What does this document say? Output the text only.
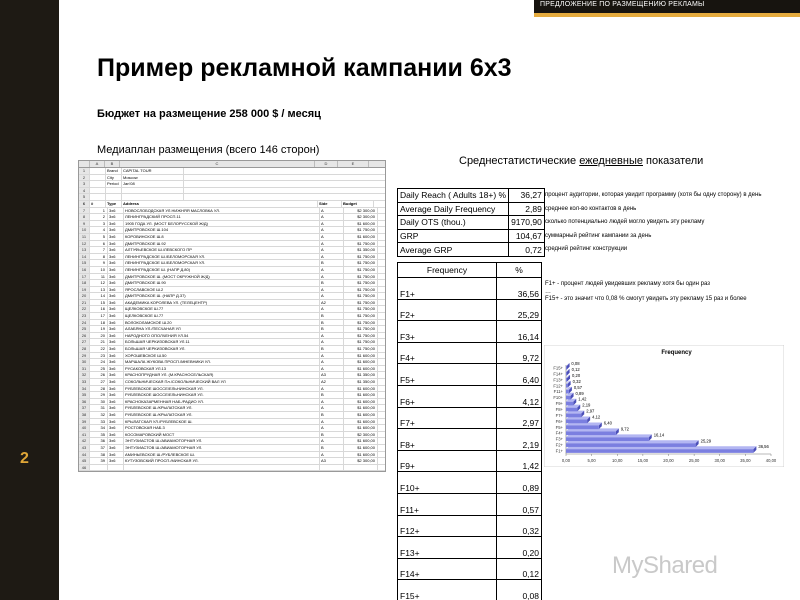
2
ПРЕДЛОЖЕНИЕ ПО РАЗМЕЩЕНИЮ РЕКЛАМЫ
Пример рекламной кампании 6х3
Бюджет на размещение 258 000 $ / месяц
Медиаплан размещения (всего 146 сторон)
Среднестатистические ежедневные показатели
A	B	C	D	E
1	Brand	CAPITAL TOUR
2	City	Moscow
3	Period	Jan'08
4
5
6	#	Type	Address	Side	Budget
7	1	3x6	НОВОСЛОБОДСКАЯ УЛ.НИЖНЯЯ МАСЛОВКА УЛ.	A	$2 300,00
8	2	3x6	ЛЕНИНГРАДСКИЙ ПРОСП.11	A	$2 300,00
9	3	3x6	1905 ГОДА УЛ. (МОСТ БЕЛОРУССКОЙ Ж/Д)	A	$1 600,00
10	4	3x6	ДМИТРОВСКОЕ Ш.104	A	$1 750,00
11	5	3x6	КОРОВИНСКОЕ Ш.8	A	$1 600,00
12	6	3x6	ДМИТРОВСКОЕ Ш.92	A	$1 750,00
13	7	3x6	АЛТУФЬЕВСКОЕ Ш./ЛЕВСКОГО ПР	A	$1 350,00
14	8	3x6	ЛЕНИНГРАДСКОЕ Ш./БЕЛОМОРСКАЯ УЛ.	A	$1 750,00
15	9	3x6	ЛЕНИНГРАДСКОЕ Ш./БЕЛОМОРСКАЯ УЛ.	B	$1 750,00
16	10	3x6	ЛЕНИНГРАДСКОЕ Ш. (НАПР Д.80)	A	$1 750,00
17	11	3x6	ДМИТРОВСКОЕ Ш. (МОСТ ОКРУЖНОЙ Ж/Д)	A	$1 750,00
18	12	3x6	ДМИТРОВСКОЕ Ш.90	B	$1 750,00
19	13	3x6	ЯРОСЛАВСКОЕ Ш.2	A	$1 750,00
20	14	3x6	ДМИТРОВСКОЕ Ш. (НАПР Д.37)	A	$1 750,00
21	15	3x6	АКАДЕМИКА КОРОЛЕВА УЛ. (ТЕЛЕЦЕНТР)	A2	$1 750,00
22	16	3x6	ЩЕЛКОВСКОЕ Ш.77	A	$1 750,00
23	17	3x6	ЩЕЛКОВСКОЕ Ш.77	B	$1 750,00
24	18	3x6	ВОЛОКОЛАМСКОЕ Ш.20	B	$1 750,00
25	19	3x6	АЛАБЯНА УЛ./ПЕСЧАНАЯ УЛ	B	$1 750,00
26	20	3x6	НАРОДНОГО ОПОЛЧЕНИЯ УЛ.54	A	$1 750,00
27	21	3x6	БОЛЬШАЯ ЧЕРКИЗОВСКАЯ УЛ.11	A	$1 750,00
28	22	3x6	БОЛЬШАЯ ЧЕРКИЗОВСКАЯ УЛ.	B	$1 750,00
29	23	3x6	ХОРОШЕВСКОЕ Ш.50	A	$1 600,00
30	24	3x6	МАРШАЛА ЖУКОВА ПРОСП./МНЕВНИКИ УЛ.	A	$1 600,00
31	25	3x6	РУСАКОВСКАЯ УЛ.13	A	$1 600,00
32	26	3x6	КРАСНОПРУДНАЯ УЛ. (М.КРАСНОСЕЛЬСКАЯ)	A3	$1 350,00
33	27	3x6	СОКОЛЬНИЧЕСКАЯ Пл./СОКОЛЬНИЧЕСКИЙ ВАЛ УЛ	A2	$1 350,00
34	28	3x6	РУБЛЕВСКОЕ ШОССЕ/ЕЛЬНИНСКАЯ УЛ.	A	$1 600,00
35	29	3x6	РУБЛЕВСКОЕ ШОССЕ/ЕЛЬНИНСКАЯ УЛ.	B	$1 600,00
36	30	3x6	КРАСНОКАЗАРМЕННАЯ НАБ./РАДИО УЛ.	A	$1 600,00
37	31	3x6	РУБЛЕВСКОЕ Ш./КРЫЛАТСКАЯ УЛ.	A	$1 600,00
38	32	3x6	РУБЛЕВСКОЕ Ш./КРЫЛАТСКАЯ УЛ.	B	$1 600,00
39	33	3x6	КРЫЛАТСКАЯ УЛ./РУБЛЕВСКОЕ Ш.	A	$1 600,00
40	34	3x6	РОСТОВСКАЯ НАБ.3	A	$1 600,00
41	35	3x6	КОСОМАРОВСКИЙ МОСТ	B	$2 300,00
42	36	3x6	ЭНТУЗИАСТОВ Ш./АВИАМОТОРНАЯ УЛ.	A	$1 600,00
43	37	3x6	ЭНТУЗИАСТОВ Ш./АВИАМОТОРНАЯ УЛ.	B	$1 600,00
44	38	3x6	АМИНЬЕВСКОЕ Ш./РУБЛЕВСКОЕ Ш.	A	$1 600,00
45	39	3x6	КУТУЗОВСКИЙ ПРОСП./МИНСКАЯ УЛ.	A3	$2 300,00
46
Daily Reach ( Adults 18+) %	36,27
Average Daily Frequency	2,89
Daily OTS (thou.)	9170,90
GRP	104,67
Average GRP	0,72
процент аудитории, которая увидит программу (хотя бы одну сторону) в день
среднее кол-во контактов в день
сколько потенциально людей могло увидеть эту рекламу
суммарный рейтинг кампании за день
средний рейтинг конструкции
Frequency	%
F1+	36,56
F2+	25,29
F3+	16,14
F4+	9,72
F5+	6,40
F6+	4,12
F7+	2,97
F8+	2,19
F9+	1,42
F10+	0,89
F11+	0,57
F12+	0,32
F13+	0,20
F14+	0,12
F15+	0,08
F1+ - процент людей увидевших рекламу хотя бы один раз
…
F15+ - это значит что 0,08 % смогут увидеть эту рекламу 15 раз и более
Frequency
0,00	5,00	10,00	15,00	20,00	25,00	30,00	35,00	40,00
F1+
36,56
F2+
25,29
F3+
16,14
F4+
9,72
F5+
6,40
F6+
4,12
F7+
2,97
F8+
2,19
F9+
1,42
F10+
0,89
F11+
0,57
F12+
0,32
F13+
0,20
F14+
0,12
F15+
0,08
MyShared
